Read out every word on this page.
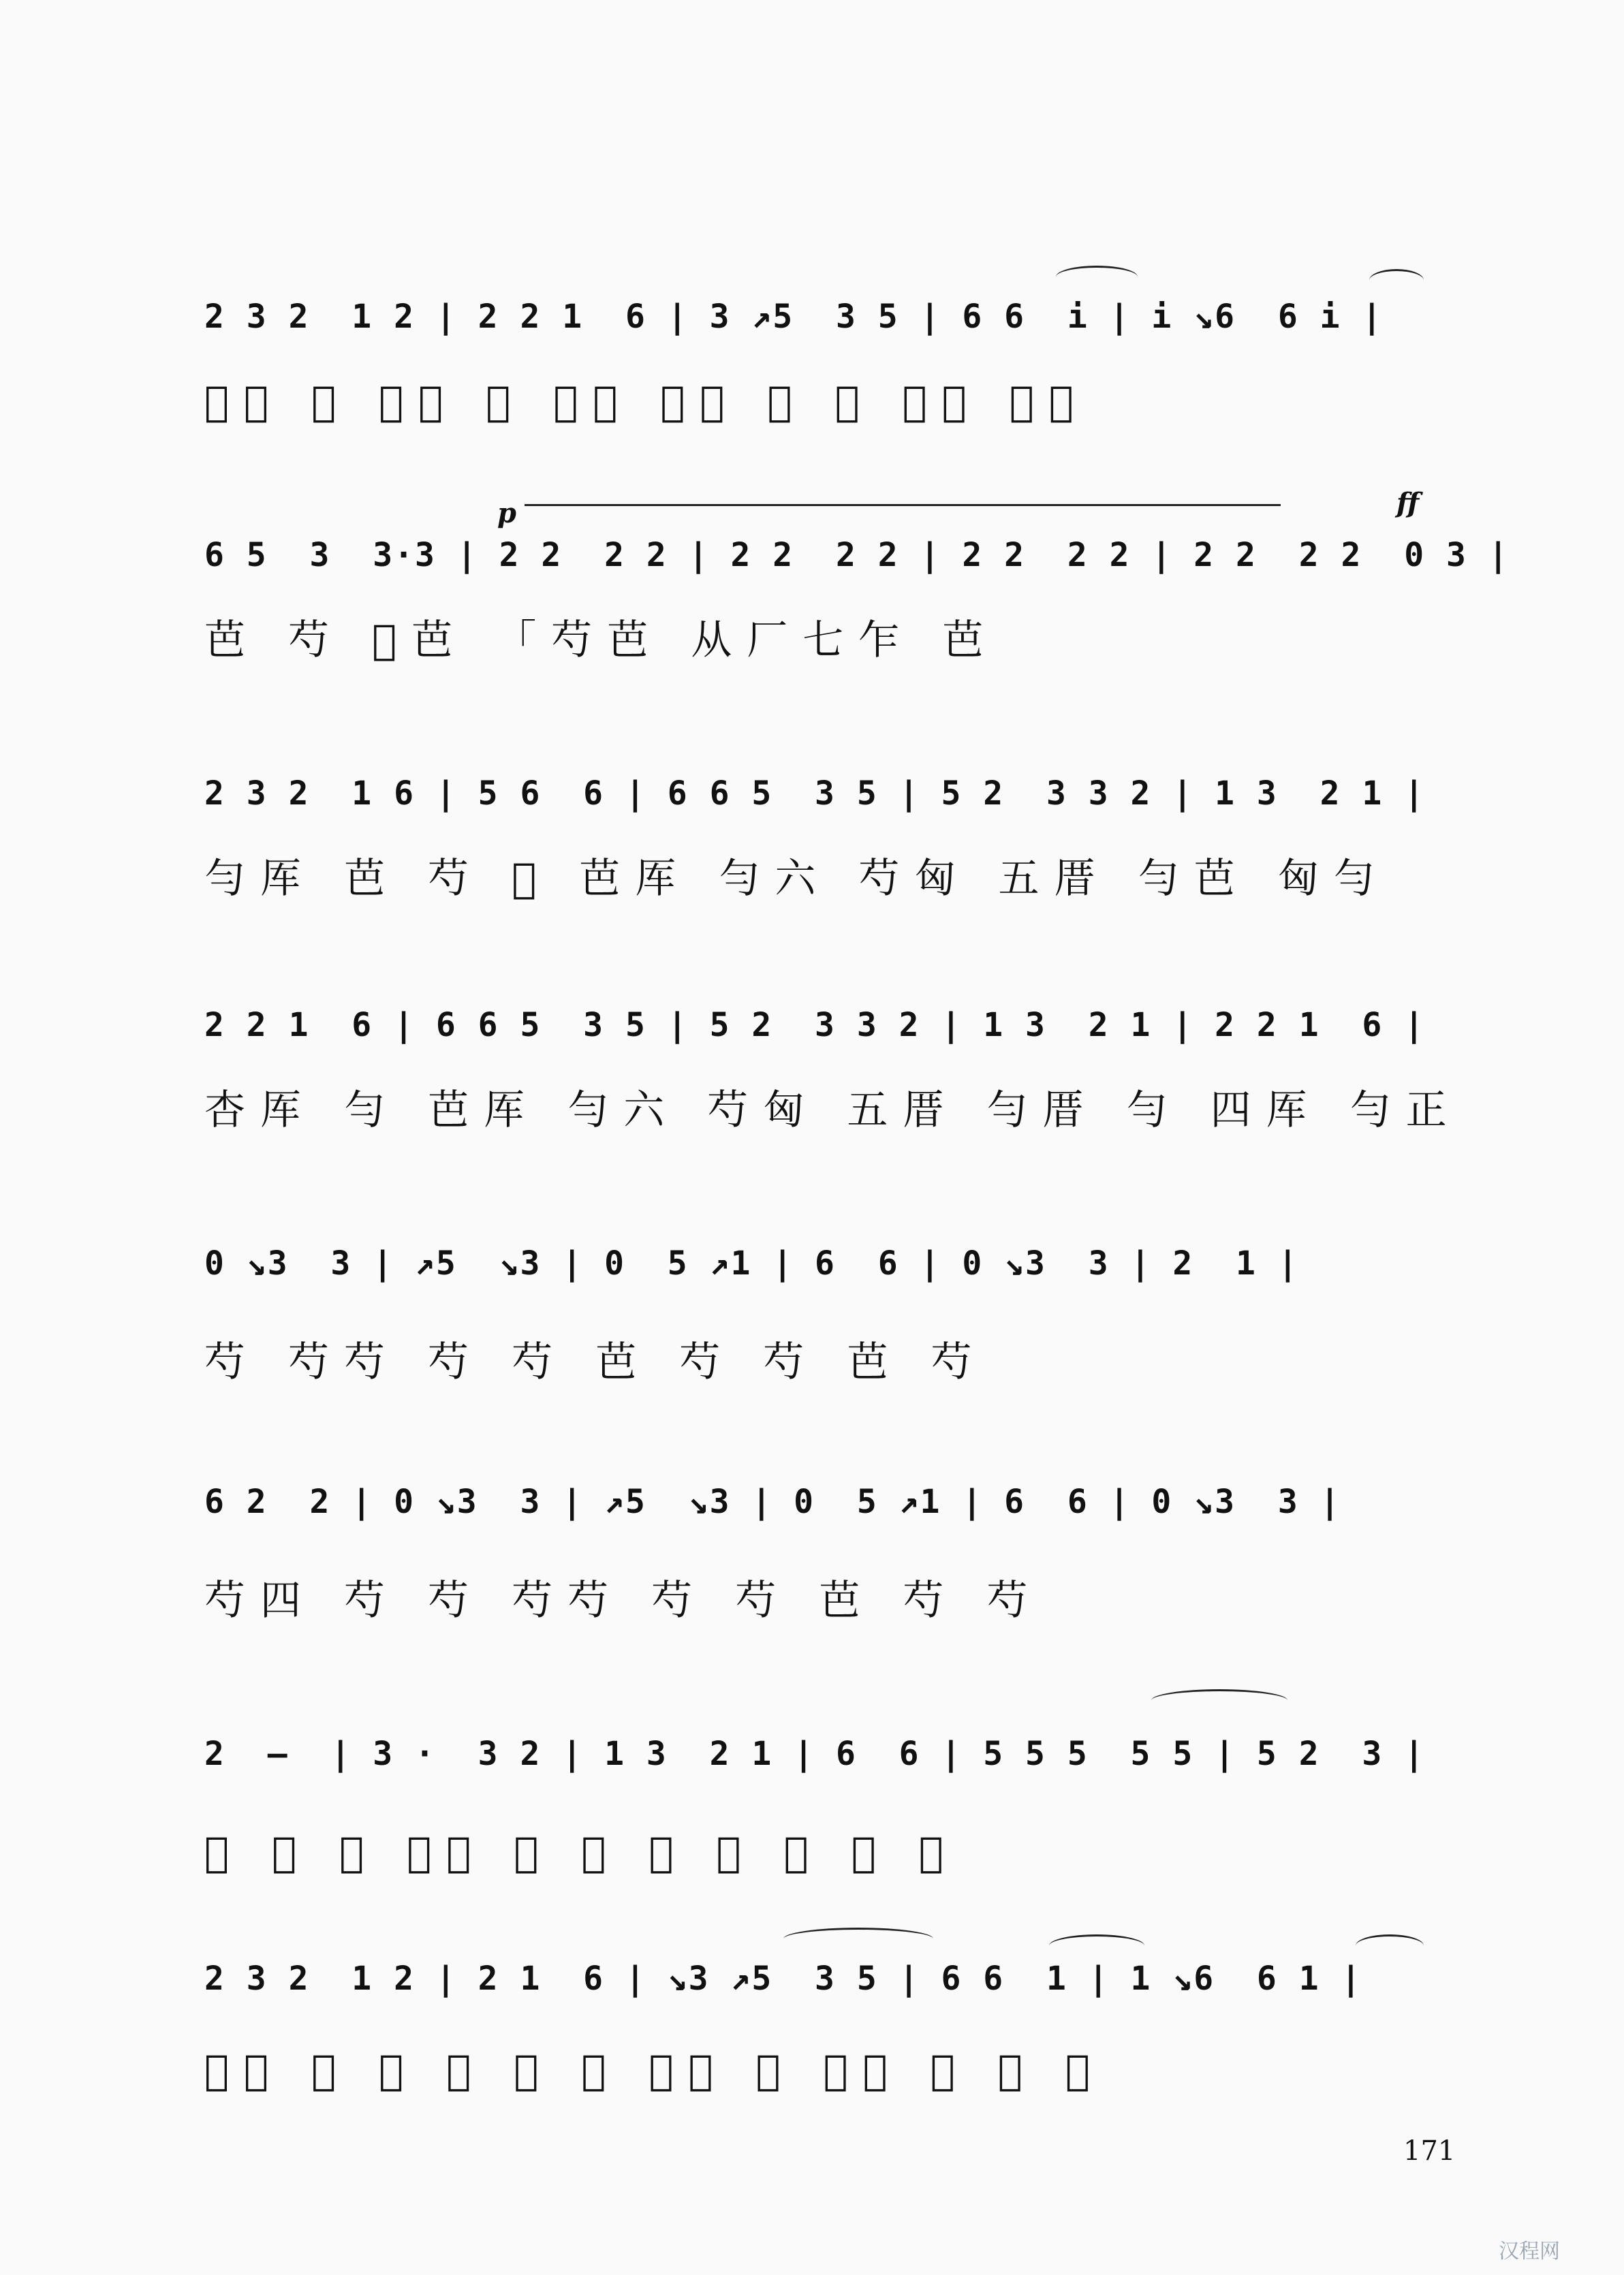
2 3 2  1 2 | 2 2 1  6 | 3 ↗5  3 5 | 6 6  i | i ↘6  6 i |
𬣟厍 巭 巙芭 芍 篸芭 良有 芫 苣 杢芢 杢亡
p	ff
6 5  3  3·3 | 2 2  2 2 | 2 2  2 2 | 2 2  2 2 | 2 2  2 2  0 3 |
芭 芍 𬣟芭 「芍芭 从厂七乍 芭
2 3 2  1 6 | 5 6  6 | 6 6 5  3 5 | 5 2  3 3 2 | 1 3  2 1 |
勻厍 芭 芍 𬣟 芭厍 勻六 芍匈 五厝 勻芭 匈勻
2 2 1  6 | 6 6 5  3 5 | 5 2  3 3 2 | 1 3  2 1 | 2 2 1  6 |
杏厍 勻 芭厍 勻六 芍匈 五厝 勻厝 勻 四厍 勻正
0 ↘3  3 | ↗5  ↘3 | 0  5 ↗1 | 6  6 | 0 ↘3  3 | 2  1 |
芍 芍芍 芍 芍 芭 芍 芍 芭 芍
6 2  2 | 0 ↘3  3 | ↗5  ↘3 | 0  5 ↗1 | 6  6 | 0 ↘3  3 |
芍四 芍 芍 芍芍 芍 芍 芭 芍 芍
2  —  | 3 ·  3 2 | 1 3  2 1 | 6  6 | 5 5 5  5 5 | 5 2  3 |
𬣟 𬣟 芦 勻厝 三 勻 乇 芺 芭 芍 𬣟
2 3 2  1 2 | 2 1  6 | ↘3 ↗5  3 5 | 6 6  1 | 1 ↘6  6 1 |
𬣟厍 芭 芭 芍 芍 芍 良有 芍 上六 芍 芍 匈
171
汉程网
